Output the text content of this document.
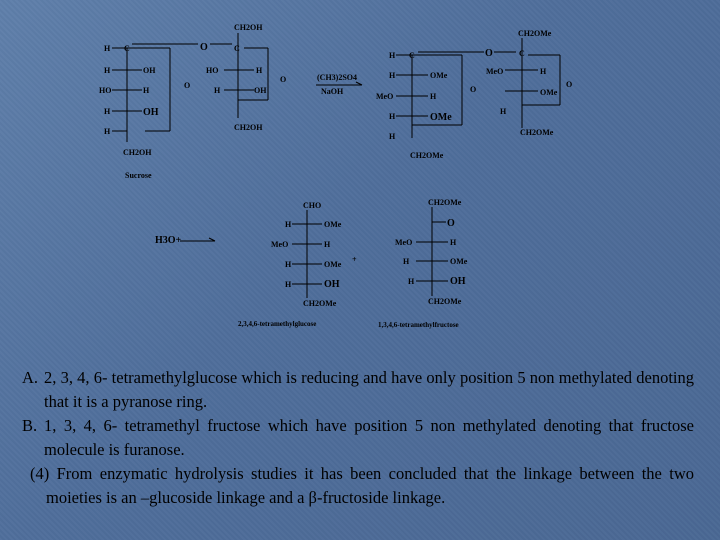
H C
H	OH
HO	H
H	OH
H
CH2OH
O
O
CH2OH
C
HO	H
H	OH
O
CH2OH
Sucrose
(CH3)2SO4
NaOH
H C
H	OMe
MeO	H
H	OMe
H
CH2OMe
O
O
CH2OMe
C
MeO	H
H
OMe
O
CH2OMe
H3O+
+
CHO
H	OMe
MeO	H
H	OMe
H	OH
CH2OMe
2,3,4,6-tetramethylglucose
CH2OMe
O
MeO	H
H	OMe
H	OH
CH2OMe
1,3,4,6-tetramethylfructose

A. 2, 3, 4, 6- tetramethylglucose which is reducing and have only position 5 non methylated denoting that it is a pyranose ring.

B. 1, 3, 4, 6- tetramethyl fructose which have position 5 non methylated denoting that fructose molecule is furanose.

(4) From enzymatic hydrolysis studies it has been concluded that the linkage between the two moieties is an –glucoside linkage and a β-fructoside linkage.
